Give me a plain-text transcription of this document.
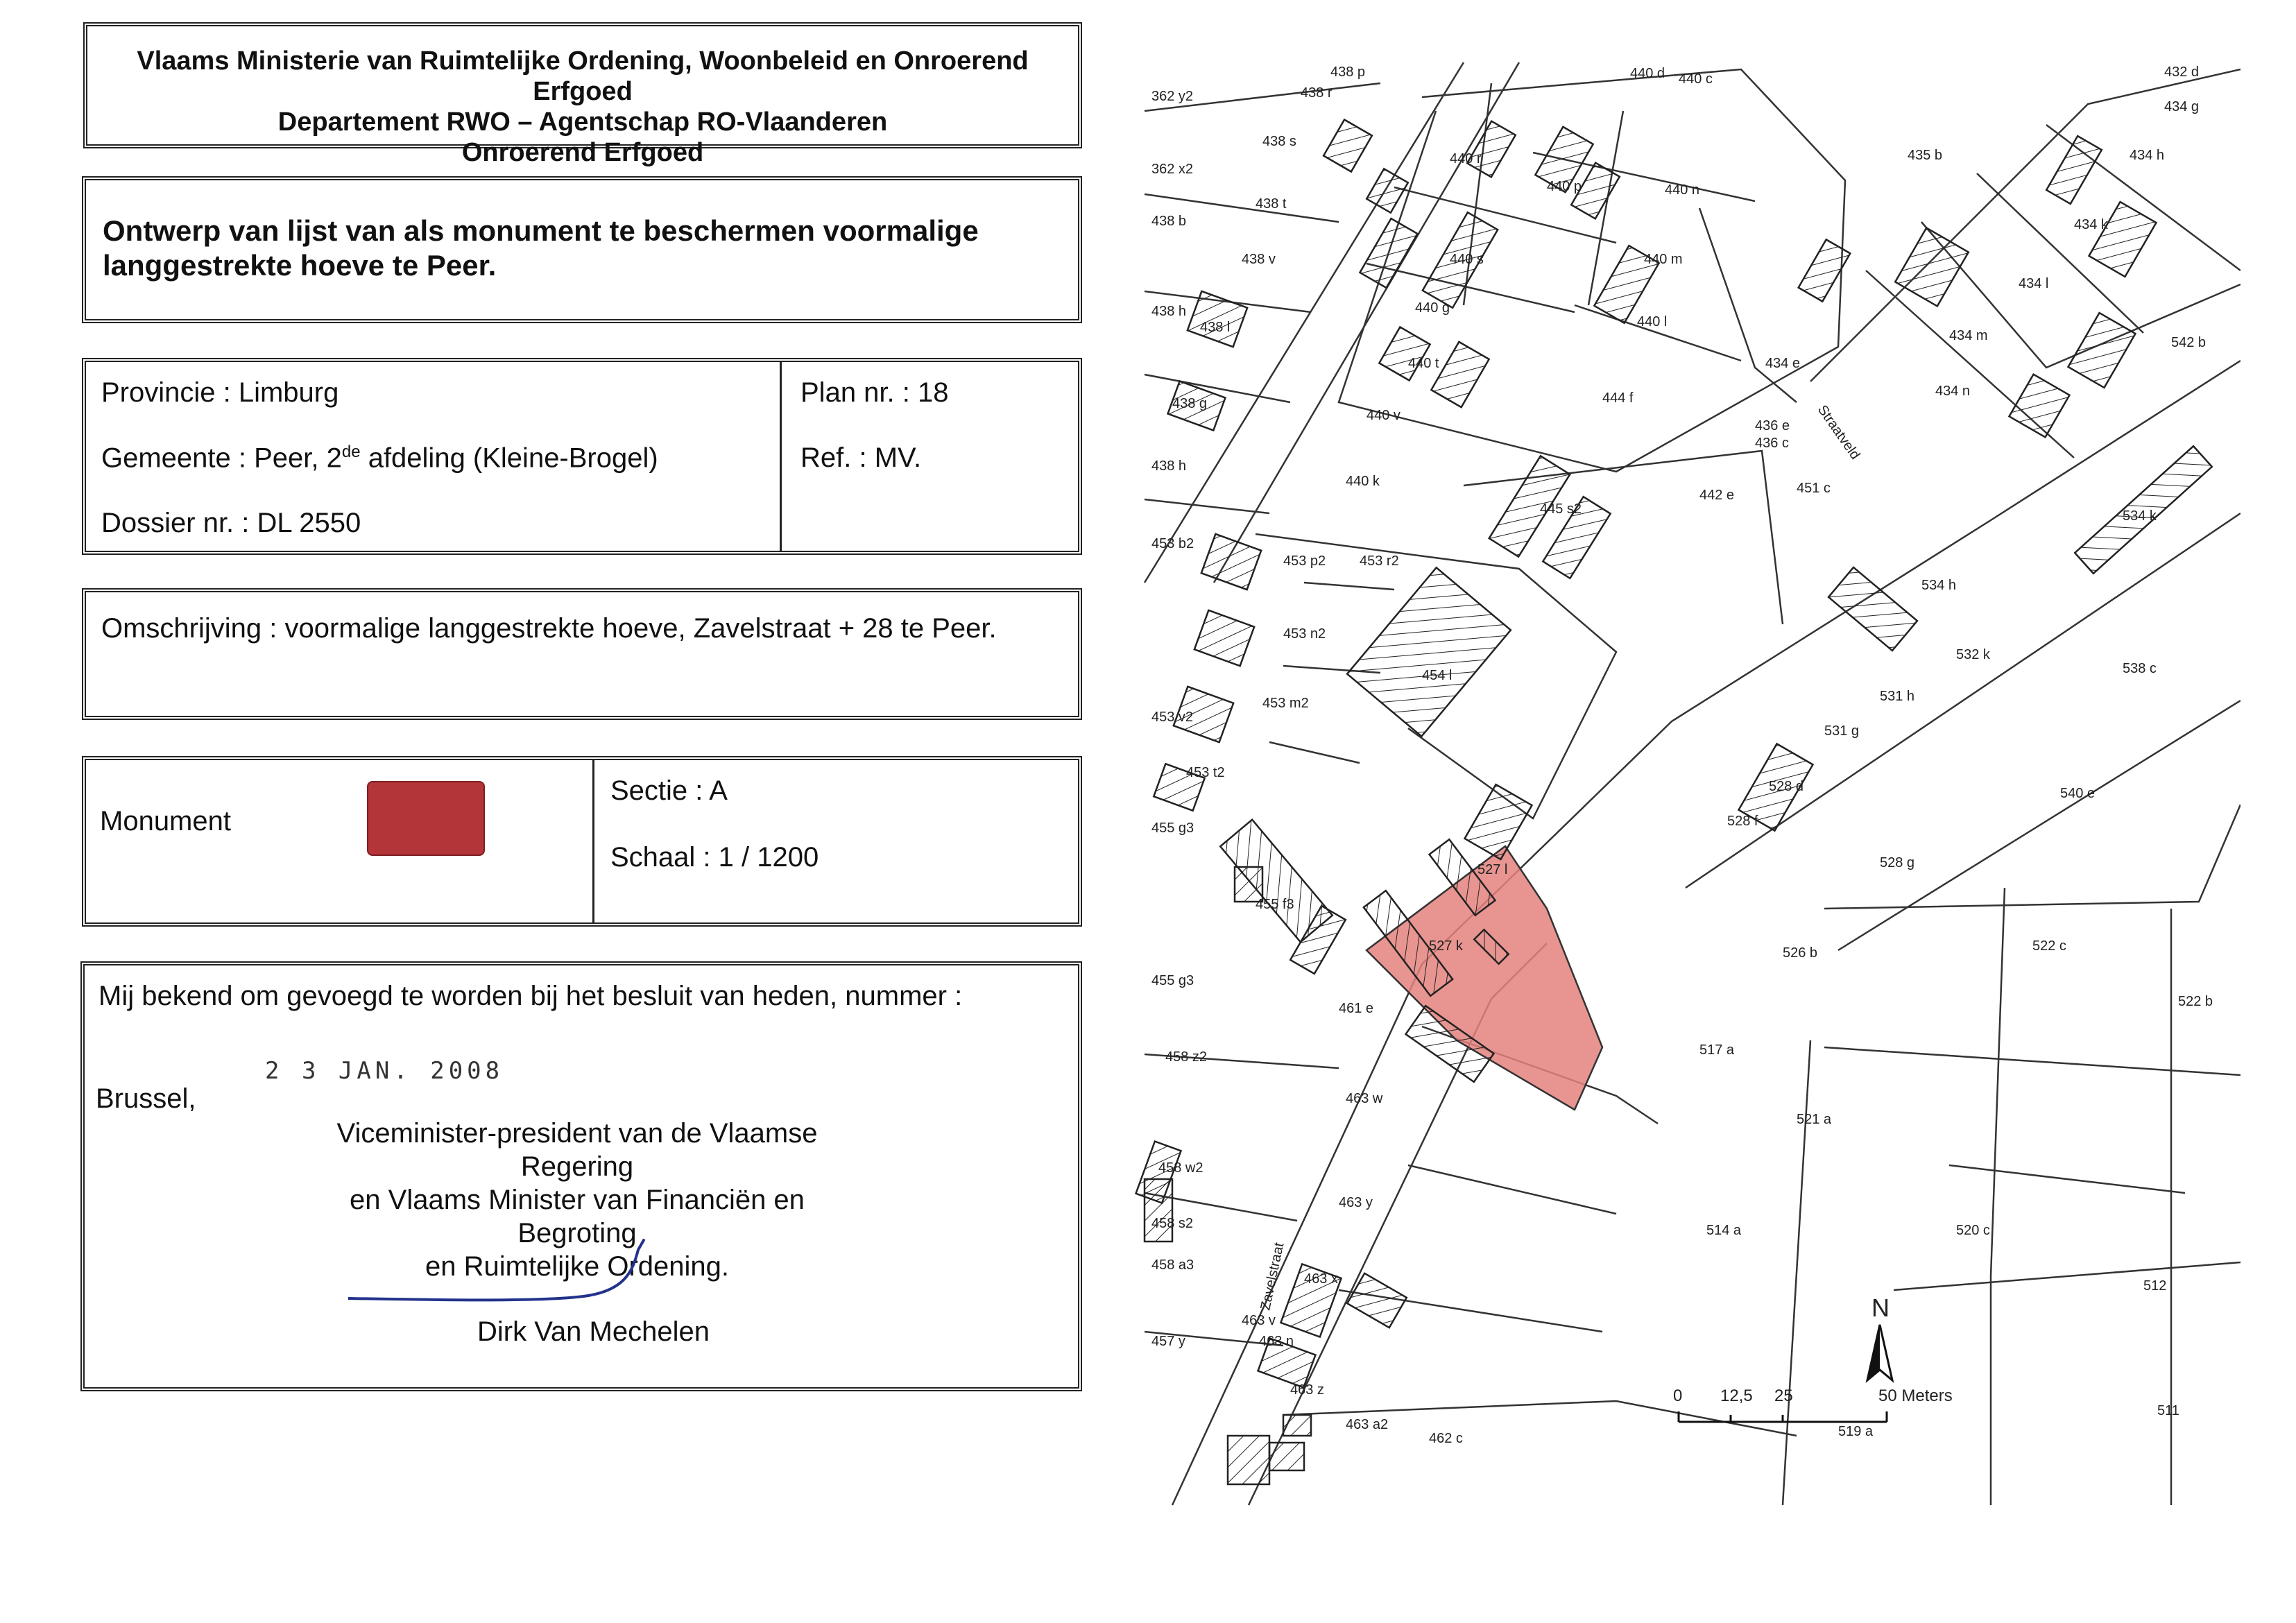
Vlaams Ministerie van Ruimtelijke Ordening, Woonbeleid en Onroerend Erfgoed
Departement RWO – Agentschap RO-Vlaanderen
Onroerend Erfgoed
Ontwerp van lijst van als monument te beschermen voormalige
langgestrekte hoeve te Peer.
Provincie : Limburg
Gemeente : Peer, 2de afdeling (Kleine-Brogel)
Dossier nr. : DL 2550
Plan nr. : 18
Ref. : MV.
Omschrijving : voormalige langgestrekte hoeve, Zavelstraat + 28 te Peer.
Monument
Sectie : A
Schaal : 1 / 1200
Mij bekend om gevoegd te worden bij het besluit van heden, nummer :
2 3 JAN. 2008
Brussel,
Viceminister-president van de Vlaamse Regering
en Vlaams Minister van Financiën en Begroting
en Ruimtelijke Ordening.
Dirk Van Mechelen
362 y2
362 x2
438 b
438 h
438 h
438 g
438 p
438 r
438 s
438 t
438 v
438 l
440 d 440 c
440 r
440 p	440 n
440 m
440 l
440 s
440 g
440 t
440 v
440 k
432 d
434 g
434 h
434 k
434 l
434 m
434 n
434 e
435 b
542 b
444 f
445 s2
442 e
436 e
436 c
451 c
534 k
534 h
532 k
538 c
453 b2
453 p2 453 r2
453 n2
453 m2
453 v2
453 t2
454 l
531 h
531 g
528 d	540 e
528 f
528 g
455 g3
455 f3
527 l
527 k	526 b	522 c
522 b
455 g3
461 e
517 a
458 z2
463 w
521 a
458 w2
463 y
458 s2	514 a	520 c
458 a3
463 x	512
463 v
463 n
457 y
463 z
463 a2
462 c	519 a
511
Zavelstraat
Straatveld
N
0 12,5 25	50 Meters
